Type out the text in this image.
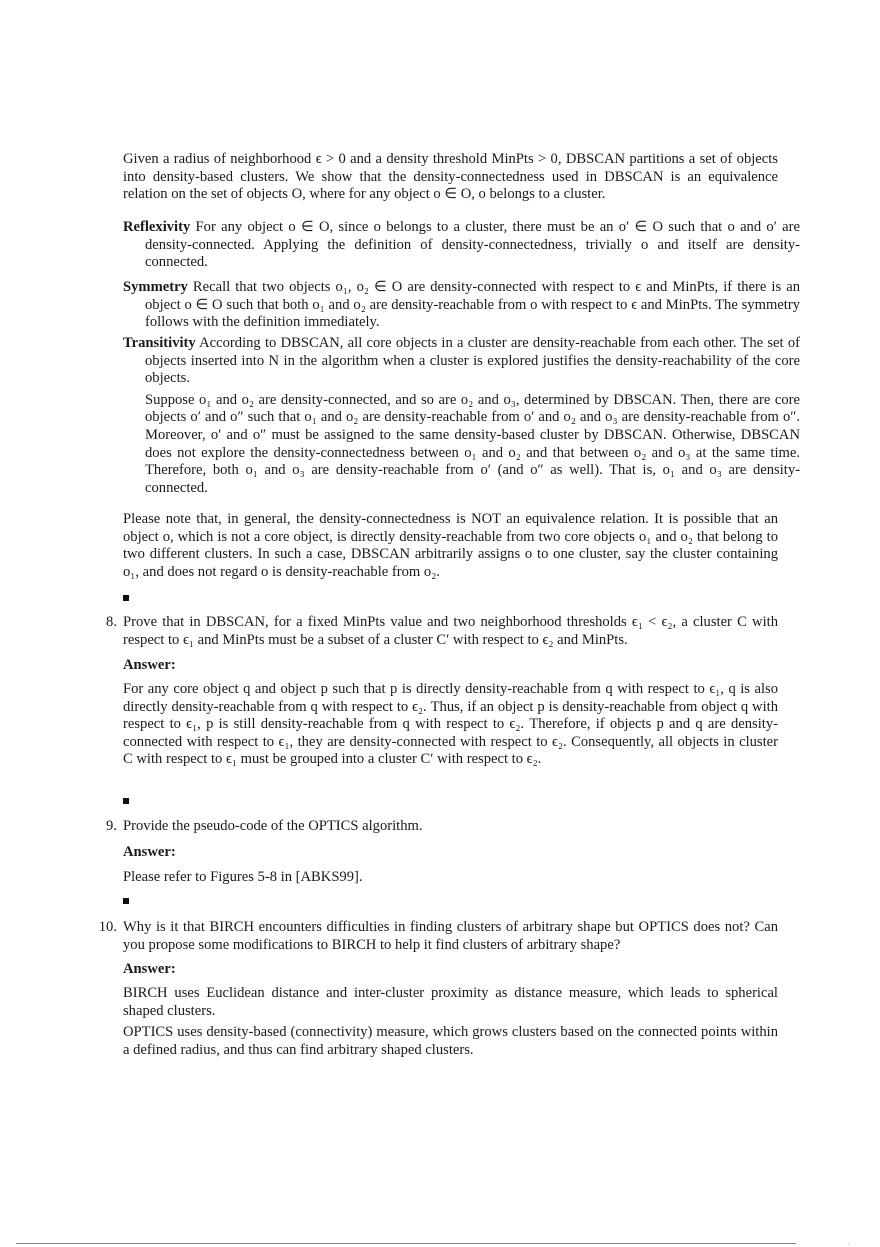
Given a radius of neighborhood ϵ > 0 and a density threshold MinPts > 0, DBSCAN partitions a set of objects into density-based clusters. We show that the density-connectedness used in DBSCAN is an equivalence relation on the set of objects O, where for any object o ∈ O, o belongs to a cluster.
Reflexivity For any object o ∈ O, since o belongs to a cluster, there must be an o′ ∈ O such that o and o′ are density-connected. Applying the definition of density-connectedness, trivially o and itself are density-connected.
Symmetry Recall that two objects o₁, o₂ ∈ O are density-connected with respect to ϵ and MinPts, if there is an object o ∈ O such that both o₁ and o₂ are density-reachable from o with respect to ϵ and MinPts. The symmetry follows with the definition immediately.
Transitivity According to DBSCAN, all core objects in a cluster are density-reachable from each other. The set of objects inserted into N in the algorithm when a cluster is explored justifies the density-reachability of the core objects.
Suppose o₁ and o₂ are density-connected, and so are o₂ and o₃, determined by DBSCAN. Then, there are core objects o′ and o″ such that o₁ and o₂ are density-reachable from o′ and o₂ and o₃ are density-reachable from o″. Moreover, o′ and o″ must be assigned to the same density-based cluster by DBSCAN. Otherwise, DBSCAN does not explore the density-connectedness between o₁ and o₂ and that between o₂ and o₃ at the same time. Therefore, both o₁ and o₃ are density-reachable from o′ (and o″ as well). That is, o₁ and o₃ are density-connected.
Please note that, in general, the density-connectedness is NOT an equivalence relation. It is possible that an object o, which is not a core object, is directly density-reachable from two core objects o₁ and o₂ that belong to two different clusters. In such a case, DBSCAN arbitrarily assigns o to one cluster, say the cluster containing o₁, and does not regard o is density-reachable from o₂.
8. Prove that in DBSCAN, for a fixed MinPts value and two neighborhood thresholds ϵ₁ < ϵ₂, a cluster C with respect to ϵ₁ and MinPts must be a subset of a cluster C′ with respect to ϵ₂ and MinPts.
Answer:
For any core object q and object p such that p is directly density-reachable from q with respect to ϵ₁, q is also directly density-reachable from q with respect to ϵ₂. Thus, if an object p is density-reachable from object q with respect to ϵ₁, p is still density-reachable from q with respect to ϵ₂. Therefore, if objects p and q are density-connected with respect to ϵ₁, they are density-connected with respect to ϵ₂. Consequently, all objects in cluster C with respect to ϵ₁ must be grouped into a cluster C′ with respect to ϵ₂.
9. Provide the pseudo-code of the OPTICS algorithm.
Answer:
Please refer to Figures 5-8 in [ABKS99].
10. Why is it that BIRCH encounters difficulties in finding clusters of arbitrary shape but OPTICS does not? Can you propose some modifications to BIRCH to help it find clusters of arbitrary shape?
Answer:
BIRCH uses Euclidean distance and inter-cluster proximity as distance measure, which leads to spherical shaped clusters.
OPTICS uses density-based (connectivity) measure, which grows clusters based on the connected points within a defined radius, and thus can find arbitrary shaped clusters.
